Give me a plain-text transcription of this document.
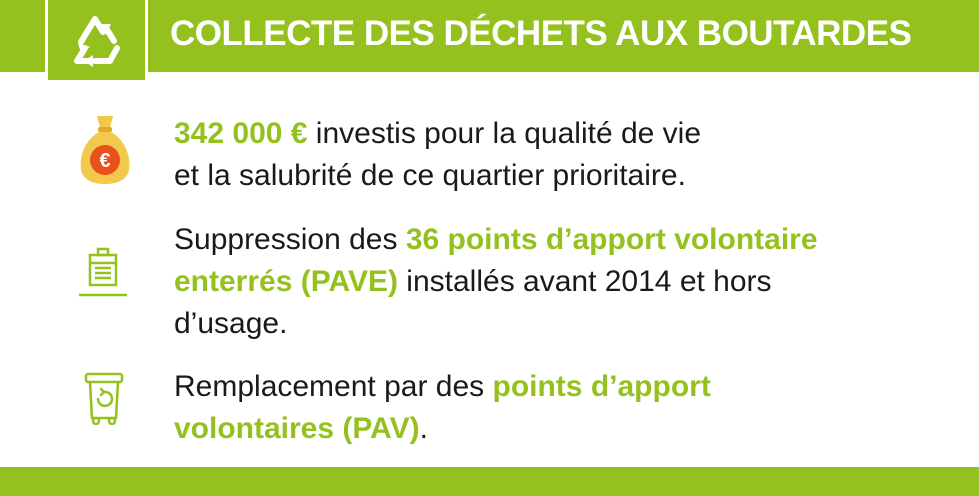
COLLECTE DES DÉCHETS AUX BOUTARDES
€
342 000 € investis pour la qualité de vie
et la salubrité de ce quartier prioritaire.
Suppression des 36 points d’apport volontaire
enterrés (PAVE) installés avant 2014 et hors
d’usage.
Remplacement par des points d’apport
volontaires (PAV).
